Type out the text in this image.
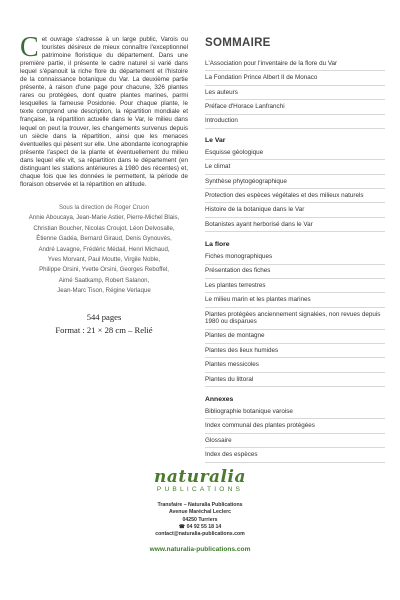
Cet ouvrage s'adresse à un large public, Varois ou touristes désireux de mieux connaître l'exceptionnel patrimoine floristique du département. Dans une première partie, il présente le cadre naturel si varié dans lequel s'épanouit la riche flore du département et l'histoire de la connaissance botanique du Var. La deuxième partie présente, à raison d'une page pour chacune, 326 plantes rares ou protégées, dont quatre plantes marines, parmi lesquelles la fameuse Posidonie. Pour chaque plante, le texte comprend une description, la répartition mondiale et française, la répartition actuelle dans le Var, le milieu dans lequel on peut la trouver, les changements survenus depuis un siècle dans la répartition, ainsi que les menaces éventuelles qui pèsent sur elle. Une abondante iconographie présente l'aspect de la plante et éventuellement du milieu dans lequel elle vit, sa répartition dans le département (en distinguant les stations antérieures à 1980 des récentes) et, chaque fois que les données le permettent, la période de floraison observée et la répartition en altitude.

Sous la direction de Roger Cruon
Annie Aboucaya, Jean-Marie Astier, Pierre-Michel Blais,
Christian Boucher, Nicolas Croujot, Léon Delvosalle,
Étienne Gadéa, Bernard Giraud, Denis Gynouvès,
André Lavagne, Frédéric Médail, Henri Michaud,
Yves Morvant, Paul Moutte, Virgile Noble,
Philippe Orsini, Yvette Orsini, Georges Reboffel,
Aimé Saatkamp, Robert Salanon,
Jean-Marc Tison, Régine Verlaque
544 pages
Format : 21 × 28 cm – Relié
SOMMAIRE
L'Association pour l'inventaire de la flore du Var
La Fondation Prince Albert II de Monaco
Les auteurs
Préface d'Horace Lanfranchi
Introduction
Le Var
Esquisse géologique
Le climat
Synthèse phytogéographique
Protection des espèces végétales et des milieux naturels
Histoire de la botanique dans le Var
Botanistes ayant herborisé dans le Var
La flore
Fiches monographiques
Présentation des fiches
Les plantes terrestres
Le milieu marin et les plantes marines
Plantes protégées anciennement signalées, non revues depuis 1980 ou disparues
Plantes de montagne
Plantes des lieux humides
Plantes messicoles
Plantes du littoral
Annexes
Bibliographie botanique varoise
Index communal des plantes protégées
Glossaire
Index des espèces
naturalia
PUBLICATIONS
Transfaire – Naturalia Publications
Avenue Maréchal Leclerc
04250 Turriers
☎ 04 92 55 18 14
contact@naturalia-publications.com
www.naturalia-publications.com
